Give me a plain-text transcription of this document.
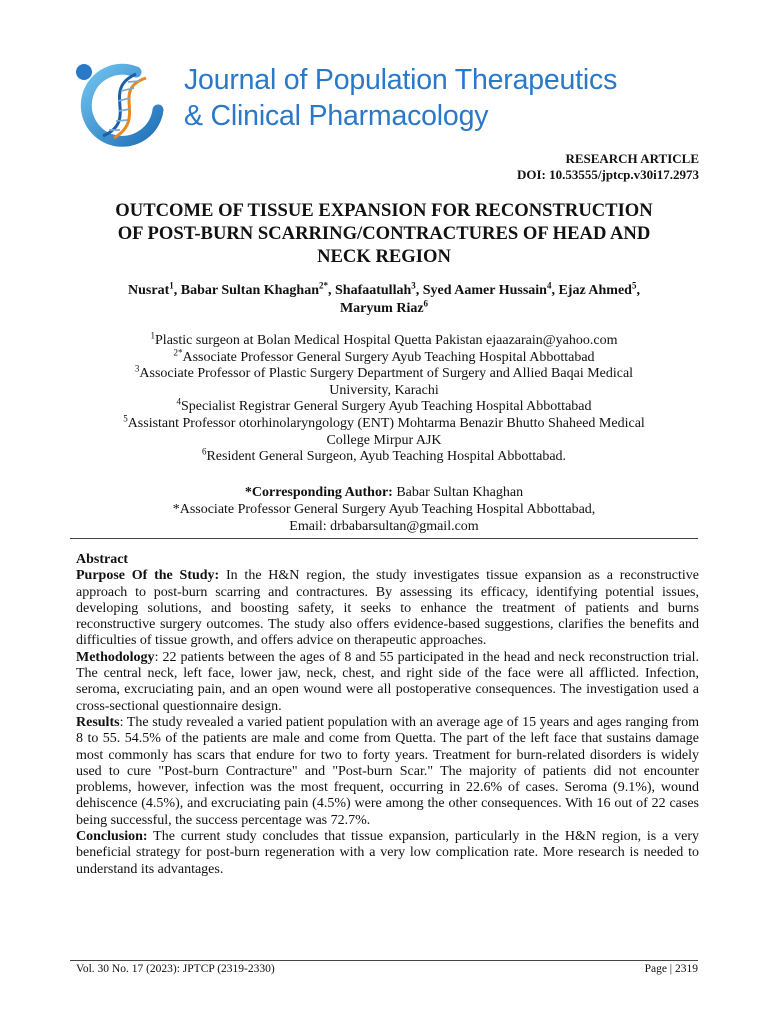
Journal of Population Therapeutics
& Clinical Pharmacology
RESEARCH ARTICLE
DOI: 10.53555/jptcp.v30i17.2973
OUTCOME OF TISSUE EXPANSION FOR RECONSTRUCTION
OF POST-BURN SCARRING/CONTRACTURES OF HEAD AND
NECK REGION
Nusrat$^1$, Babar Sultan Khaghan$^{2*}$, Shafaatullah$^3$, Syed Aamer Hussain$^4$, Ejaz Ahmed$^5$,
Maryum Riaz$^6$
$^1$Plastic surgeon at Bolan Medical Hospital Quetta Pakistan ejaazarain@yahoo.com
$^{2*}$Associate Professor General Surgery Ayub Teaching Hospital Abbottabad
$^3$Associate Professor of Plastic Surgery Department of Surgery and Allied Baqai Medical
University, Karachi
$^4$Specialist Registrar General Surgery Ayub Teaching Hospital Abbottabad
$^5$Assistant Professor otorhinolaryngology (ENT) Mohtarma Benazir Bhutto Shaheed Medical
College Mirpur AJK
$^6$Resident General Surgeon, Ayub Teaching Hospital Abbottabad.
*Corresponding Author: Babar Sultan Khaghan
*Associate Professor General Surgery Ayub Teaching Hospital Abbottabad,
Email: drbabarsultan@gmail.com

Abstract

Purpose Of the Study: In the H&N region, the study investigates tissue expansion as a reconstructive approach to post-burn scarring and contractures. By assessing its efficacy, identifying potential issues, developing solutions, and boosting safety, it seeks to enhance the treatment of patients and burns reconstructive surgery outcomes. The study also offers evidence-based suggestions, clarifies the benefits and difficulties of tissue growth, and offers advice on therapeutic approaches.

Methodology: 22 patients between the ages of 8 and 55 participated in the head and neck reconstruction trial. The central neck, left face, lower jaw, neck, chest, and right side of the face were all afflicted. Infection, seroma, excruciating pain, and an open wound were all postoperative consequences. The investigation used a cross-sectional questionnaire design.

Results: The study revealed a varied patient population with an average age of 15 years and ages ranging from 8 to 55. 54.5% of the patients are male and come from Quetta. The part of the left face that sustains damage most commonly has scars that endure for two to forty years. Treatment for burn-related disorders is widely used to cure "Post-burn Contracture" and "Post-burn Scar." The majority of patients did not encounter problems, however, infection was the most frequent, occurring in 22.6% of cases. Seroma (9.1%), wound dehiscence (4.5%), and excruciating pain (4.5%) were among the other consequences. With 16 out of 22 cases being successful, the success percentage was 72.7%.

Conclusion: The current study concludes that tissue expansion, particularly in the H&N region, is a very beneficial strategy for post-burn regeneration with a very low complication rate. More research is needed to understand its advantages.

Vol. 30 No. 17 (2023): JPTCP (2319-2330)	Page | 2319
